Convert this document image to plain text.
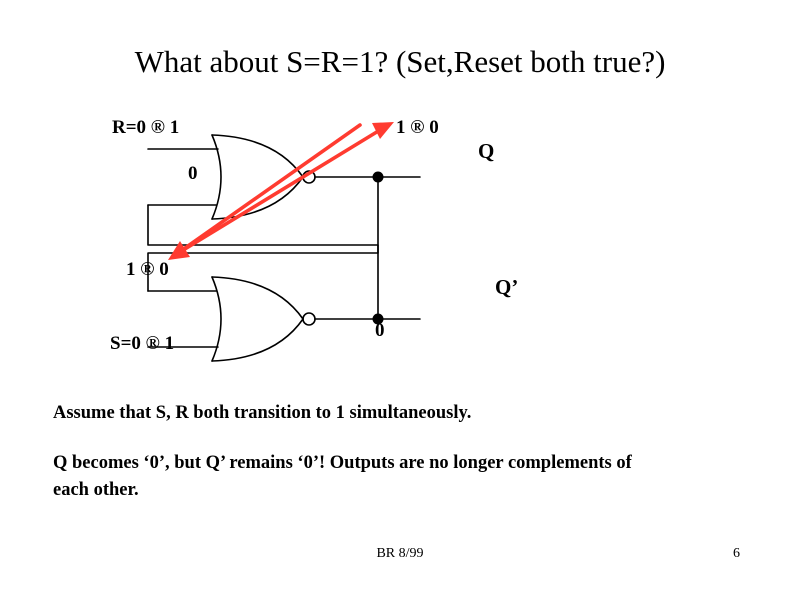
What about S=R=1? (Set,Reset both true?)
R=0 ® 1
0
1 ® 0
Q
1 ® 0
S=0 ® 1
0
Q’
Assume that S, R both transition to 1 simultaneously.
Q becomes ‘0’, but Q’ remains ‘0’! Outputs are no longer complements of each other.
BR 8/99	6
